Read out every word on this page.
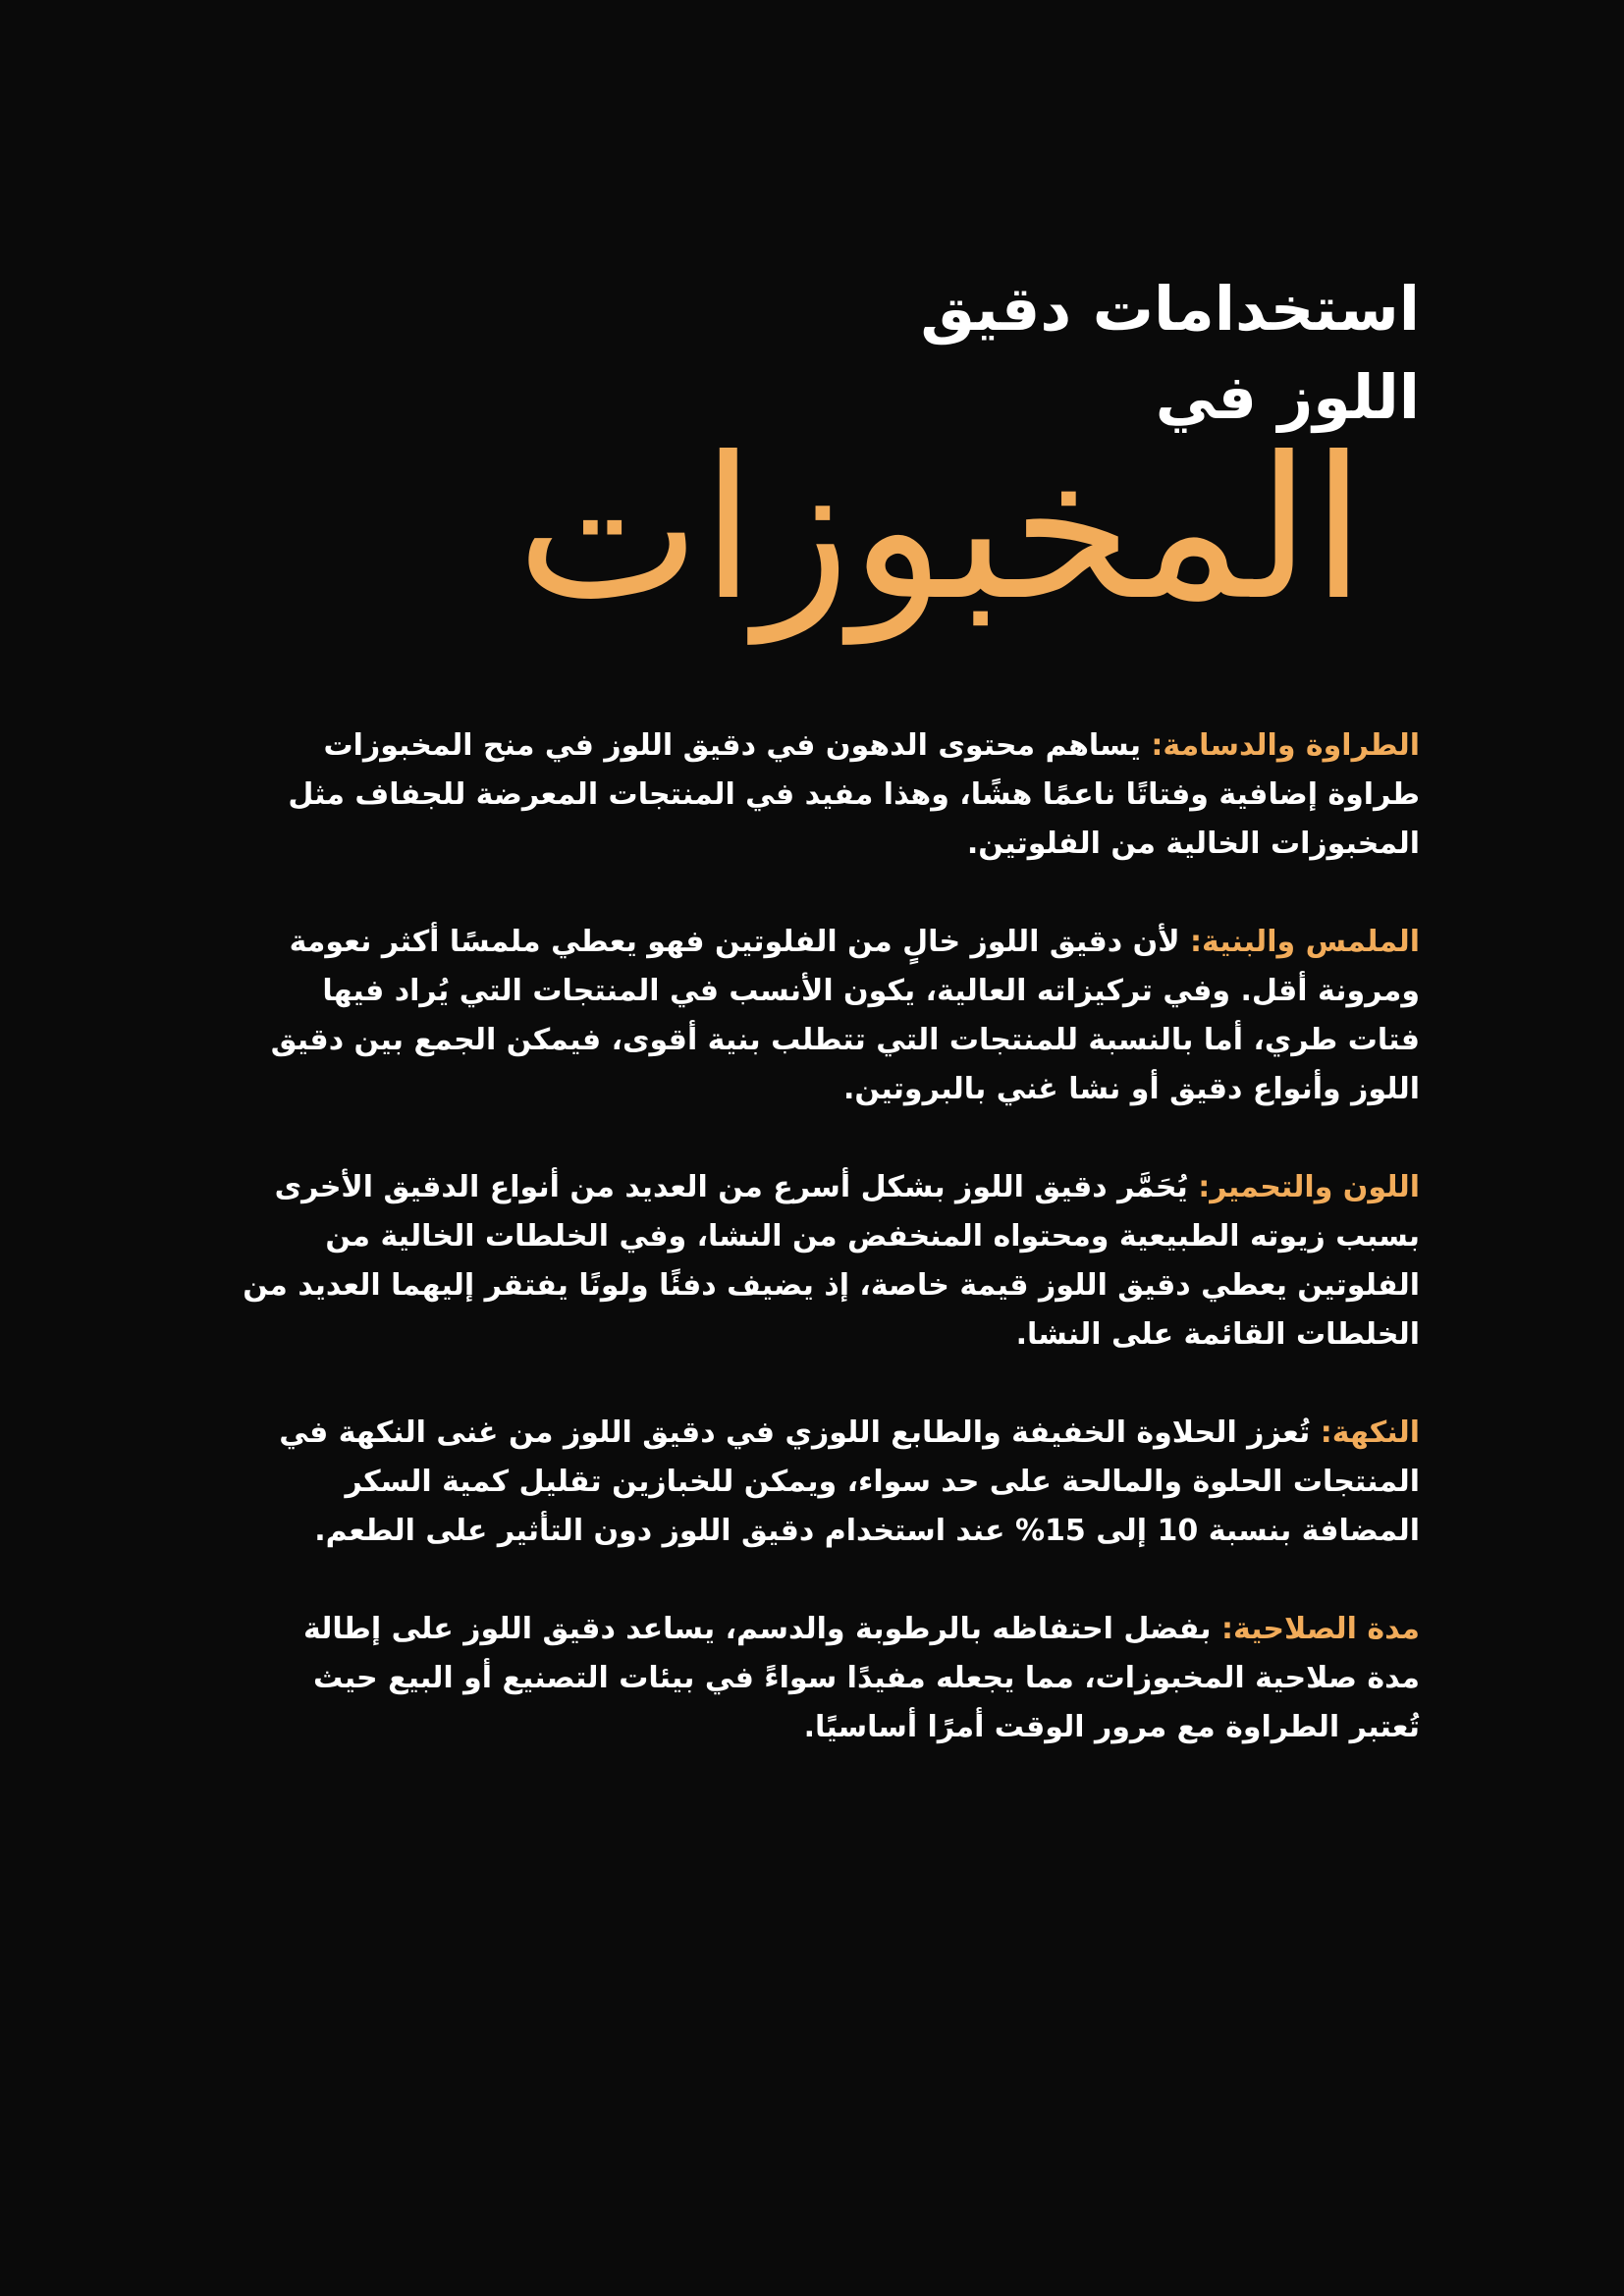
استخدامات دقيق
اللوز في
المخبوزات

الطراوة والدسامة: يساهم محتوى الدهون في دقيق اللوز في منح المخبوزات طراوة إضافية وفتاتًا ناعمًا هشًا، وهذا مفيد في المنتجات المعرضة للجفاف مثل المخبوزات الخالية من الفلوتين.

الملمس والبنية: لأن دقيق اللوز خالٍ من الفلوتين فهو يعطي ملمسًا أكثر نعومة ومرونة أقل. وفي تركيزاته العالية، يكون الأنسب في المنتجات التي يُراد فيها فتات طري، أما بالنسبة للمنتجات التي تتطلب بنية أقوى، فيمكن الجمع بين دقيق اللوز وأنواع دقيق أو نشا غني بالبروتين.

اللون والتحمير: يُحَمَّر دقيق اللوز بشكل أسرع من العديد من أنواع الدقيق الأخرى بسبب زيوته الطبيعية ومحتواه المنخفض من النشا، وفي الخلطات الخالية من الفلوتين يعطي دقيق اللوز قيمة خاصة، إذ يضيف دفئًا ولونًا يفتقر إليهما العديد من الخلطات القائمة على النشا.

النكهة: تُعزز الحلاوة الخفيفة والطابع اللوزي في دقيق اللوز من غنى النكهة في المنتجات الحلوة والمالحة على حد سواء، ويمكن للخبازين تقليل كمية السكر المضافة بنسبة 10 إلى 15% عند استخدام دقيق اللوز دون التأثير على الطعم.

مدة الصلاحية: بفضل احتفاظه بالرطوبة والدسم، يساعد دقيق اللوز على إطالة مدة صلاحية المخبوزات، مما يجعله مفيدًا سواءً في بيئات التصنيع أو البيع حيث تُعتبر الطراوة مع مرور الوقت أمرًا أساسيًا.
